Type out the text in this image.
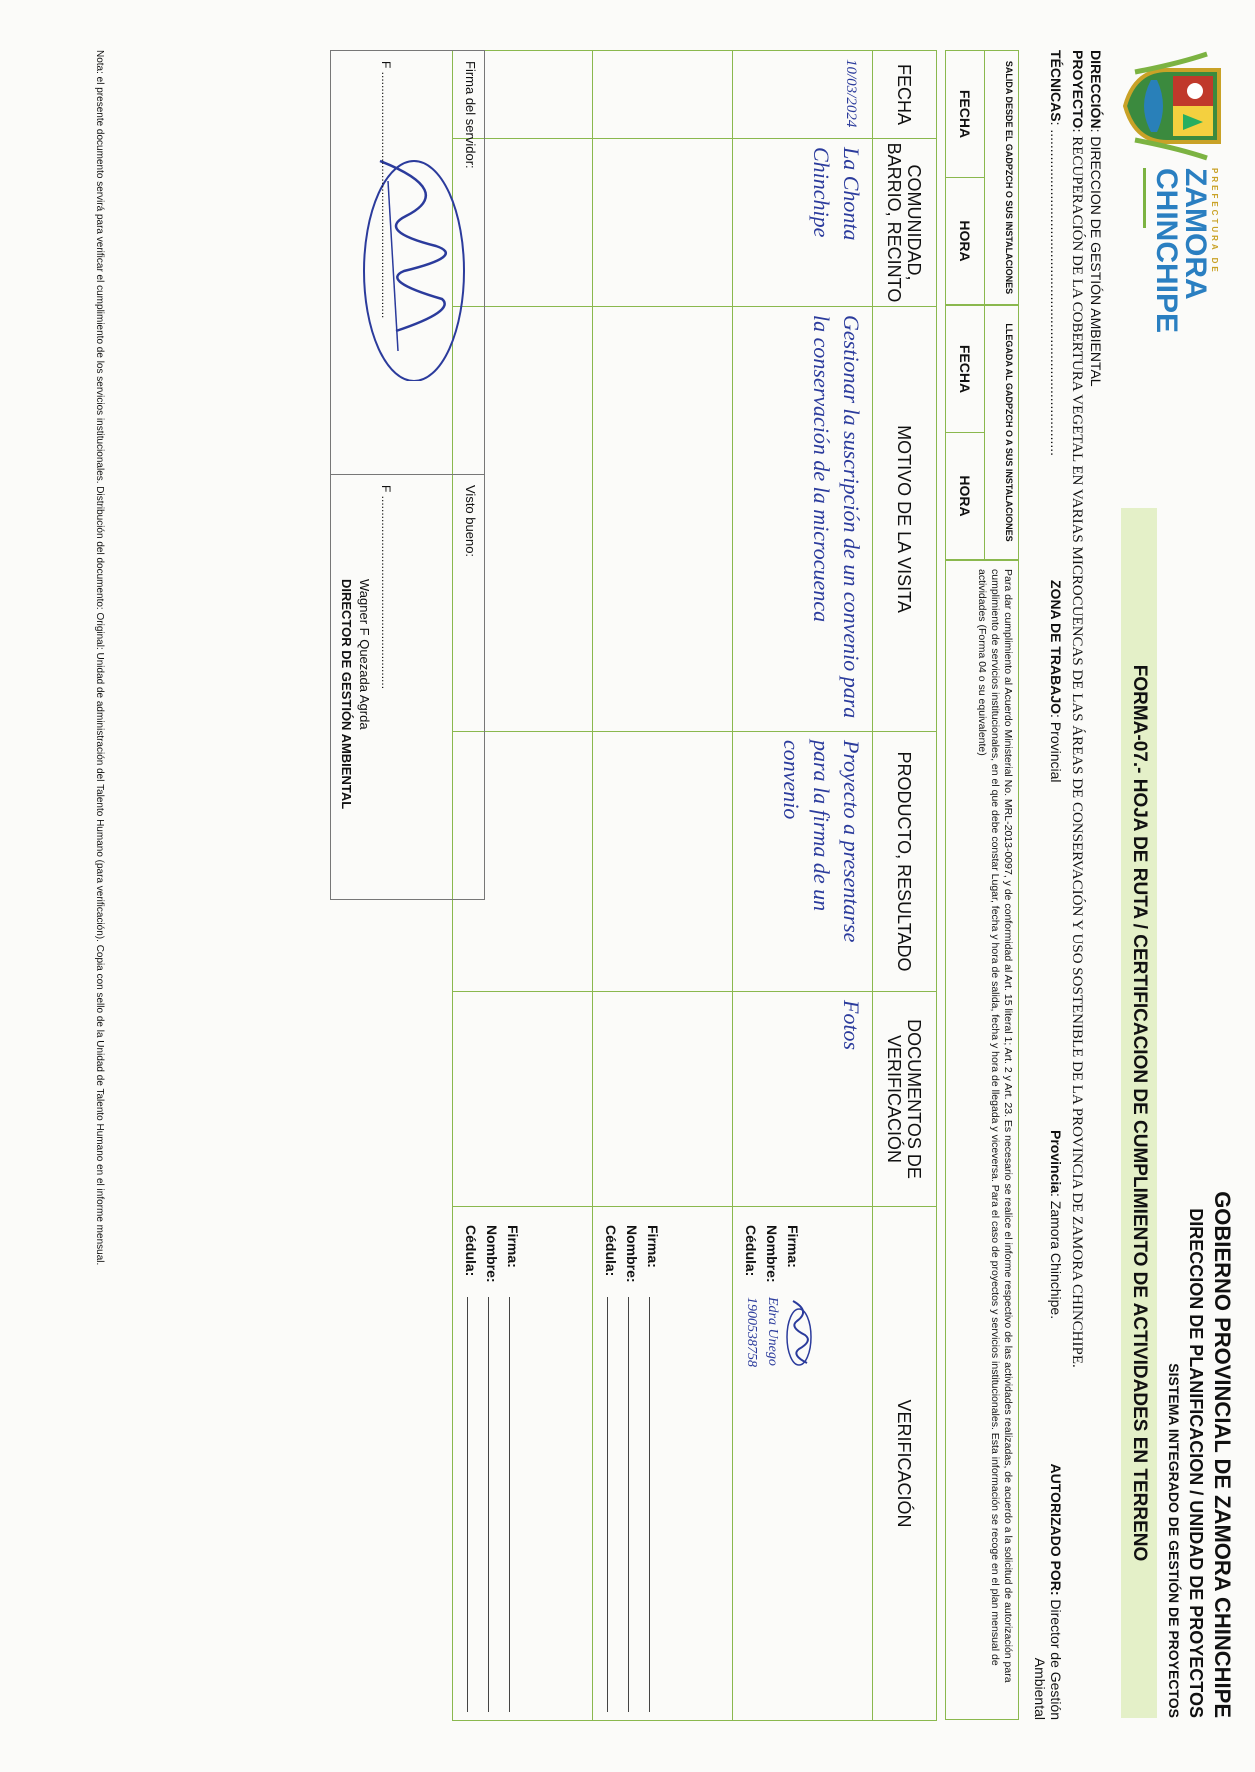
PREFECTURA DE
ZAMORA
CHINCHIPE
GOBIERNO PROVINCIAL DE ZAMORA CHINCHIPE
DIRECCION DE PLANIFICACION / UNIDAD DE PROYECTOS
SISTEMA INTEGRADO DE GESTIÓN DE PROYECTOS
FORMA-07.- HOJA DE RUTA / CERTIFICACION DE CUMPLIMIENTO DE ACTIVIDADES EN TERRENO
DIRECCIÓN: DIRECCION DE GESTIÓN AMBIENTAL
PROYECTO: RECUPERACIÓN DE LA COBERTURA VEGETAL EN VARIAS MICROCUENCAS DE LAS ÁREAS DE CONSERVACIÓN Y USO SOSTENIBLE DE LA PROVINCIA DE ZAMORA CHINCHIPE.
TÉCNICAS: ....................................................................................
ZONA DE TRABAJO: Provincial
Provincia: Zamora Chinchipe.
AUTORIZADO POR: Director de Gestión Ambiental
SALIDA DESDE EL GADPZCH O SUS INSTALACIONES
FECHA
HORA
LLEGADA AL GADPZCH O A SUS INSTALACIONES
FECHA
HORA
Para dar cumplimiento al Acuerdo Ministerial No. MRL-2013-0097, y de conformidad al Art. 15 literal 1; Art. 2 y Art. 23. Es necesario se realice el informe respectivo de las actividades realizadas, de acuerdo a la solicitud de autorización para cumplimiento de servicios institucionales, en el que debe constar Lugar, fecha y hora de salida, fecha y hora de llegada y viceversa. Para el caso de proyectos y servicios institucionales. Esta información se recoge en el plan mensual de actividades (Forma 04 o su equivalente)
FECHA	COMUNIDAD, BARRIO, RECINTO	MOTIVO DE LA VISITA	PRODUCTO, RESULTADO	DOCUMENTOS DE VERIFICACIÓN	VERIFICACIÓN
10/03/2024	La Chonta Chinchipe	Gestionar la suscripción de un convenio para la conservación de la microcuenca	Proyecto a presentarse para la firma de un convenio	Fotos	Firma:
Nombre:
Edra Unego
Cédula:
1900538758

					Firma:
Nombre:
Cédula:

					Firma:
Nombre:
Cédula:
Firma del servidor:
F ..........................................................................
Visto bueno:
F ..........................................................
Wagner F Quezada Agrda
DIRECTOR DE GESTIÓN AMBIENTAL
Nota: el presente documento servirá para verificar el cumplimiento de los servicios institucionales. Distribución del documento: Original: Unidad de administración del Talento Humano (para verificación). Copia con sello de la Unidad de Talento Humano en el informe mensual.
